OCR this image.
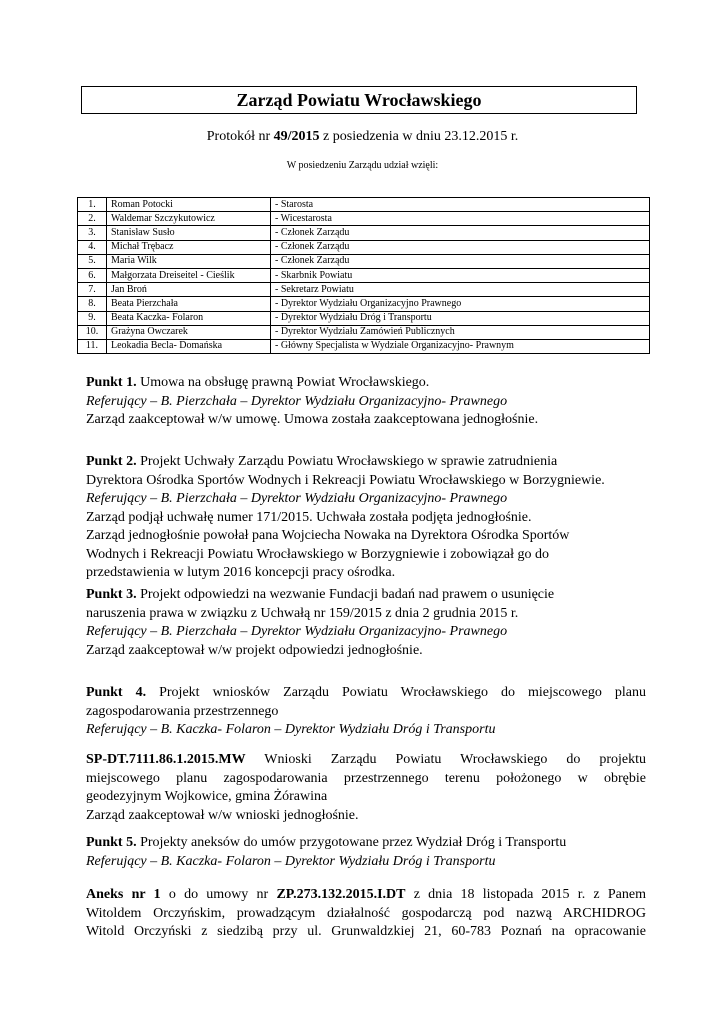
Zarząd Powiatu Wrocławskiego
Protokół nr 49/2015 z posiedzenia w dniu 23.12.2015 r.
W posiedzeniu Zarządu udział wzięli:
1.	Roman Potocki	- Starosta
2.	Waldemar Szczykutowicz	- Wicestarosta
3.	Stanisław Susło	- Członek Zarządu
4.	Michał Trębacz	- Członek Zarządu
5.	Maria Wilk	- Członek Zarządu
6.	Małgorzata Dreiseitel - Cieślik	- Skarbnik Powiatu
7.	Jan Broń	- Sekretarz Powiatu
8.	Beata Pierzchała	- Dyrektor Wydziału Organizacyjno Prawnego
9.	Beata Kaczka- Folaron	- Dyrektor Wydziału Dróg i Transportu
10.	Grażyna Owczarek	- Dyrektor Wydziału Zamówień Publicznych
11.	Leokadia Becla- Domańska	- Główny Specjalista w Wydziale Organizacyjno- Prawnym

Punkt 1. Umowa na obsługę prawną Powiat Wrocławskiego.

Referujący – B. Pierzchała – Dyrektor Wydziału Organizacyjno- Prawnego

Zarząd zaakceptował w/w umowę. Umowa została zaakceptowana jednogłośnie.

Punkt 2. Projekt Uchwały Zarządu Powiatu Wrocławskiego w sprawie zatrudnienia

Dyrektora Ośrodka Sportów Wodnych i Rekreacji Powiatu Wrocławskiego w Borzygniewie.

Referujący – B. Pierzchała – Dyrektor Wydziału Organizacyjno- Prawnego

Zarząd podjął uchwałę numer 171/2015. Uchwała została podjęta jednogłośnie.

Zarząd jednogłośnie powołał pana Wojciecha Nowaka na Dyrektora Ośrodka Sportów

Wodnych i Rekreacji Powiatu Wrocławskiego w Borzygniewie i zobowiązał go do

przedstawienia w lutym 2016 koncepcji pracy ośrodka.

Punkt 3. Projekt odpowiedzi na wezwanie Fundacji badań nad prawem o usunięcie

naruszenia prawa w związku z Uchwałą nr 159/2015 z dnia 2 grudnia 2015 r.

Referujący – B. Pierzchała – Dyrektor Wydziału Organizacyjno- Prawnego

Zarząd zaakceptował w/w projekt odpowiedzi jednogłośnie.

Punkt 4. Projekt wniosków Zarządu Powiatu Wrocławskiego do miejscowego planu

zagospodarowania przestrzennego

Referujący – B. Kaczka- Folaron – Dyrektor Wydziału Dróg i Transportu

SP-DT.7111.86.1.2015.MW Wnioski Zarządu Powiatu Wrocławskiego do projektu

miejscowego planu zagospodarowania przestrzennego terenu położonego w obrębie

geodezyjnym Wojkowice, gmina Żórawina

Zarząd zaakceptował w/w wnioski jednogłośnie.

Punkt 5. Projekty aneksów do umów przygotowane przez Wydział Dróg i Transportu

Referujący – B. Kaczka- Folaron – Dyrektor Wydziału Dróg i Transportu

Aneks nr 1 o do umowy nr ZP.273.132.2015.I.DT z dnia 18 listopada 2015 r. z Panem

Witoldem Orczyńskim, prowadzącym działalność gospodarczą pod nazwą ARCHIDROG

Witold Orczyński z siedzibą przy ul. Grunwaldzkiej 21, 60-783 Poznań na opracowanie
